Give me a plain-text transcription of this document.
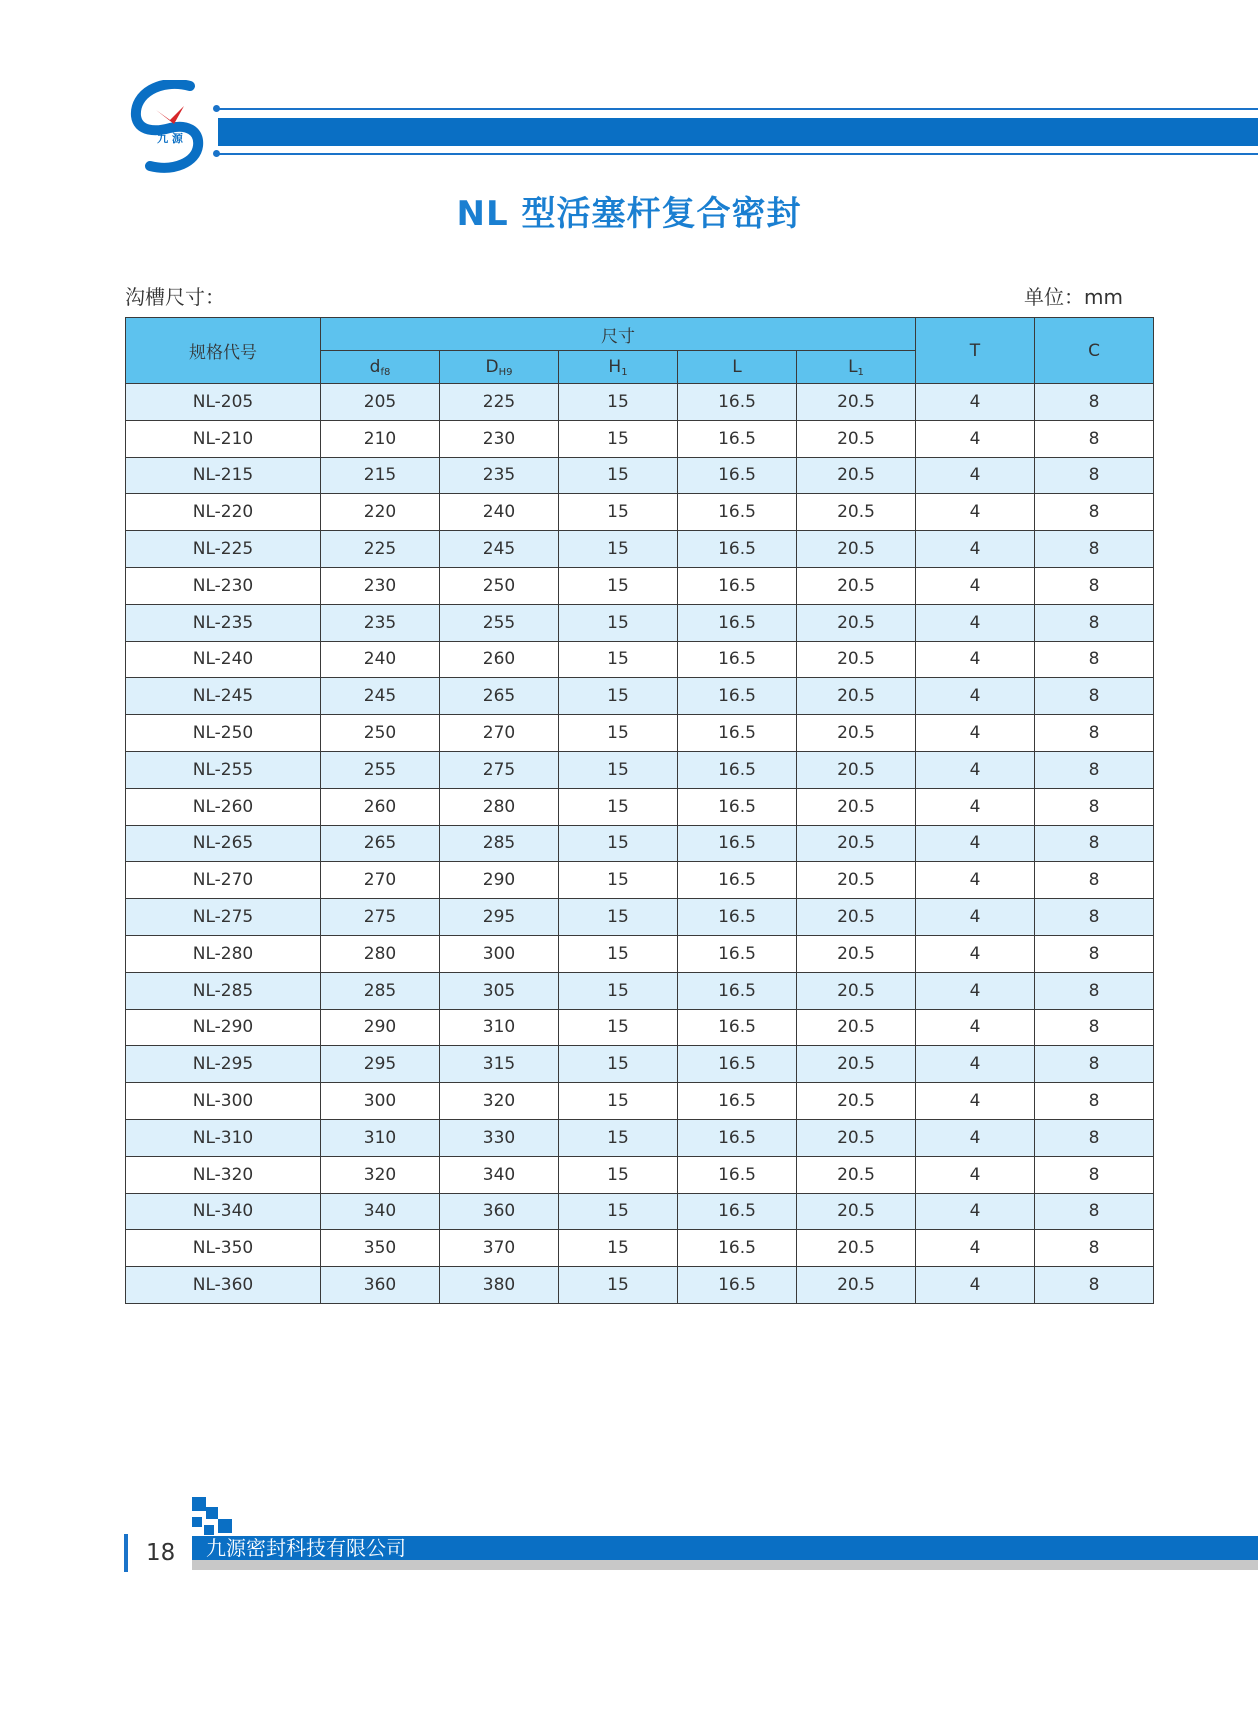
九 源
NL 型活塞杆复合密封
沟槽尺寸：	单位：mm
规格代号	尺寸					T	C
	$d_{f8}$	$D_{H9}$	$H_1$	L	$L_1$
NL-205	205	225	15	16.5	20.5	4	8
NL-210	210	230	15	16.5	20.5	4	8
NL-215	215	235	15	16.5	20.5	4	8
NL-220	220	240	15	16.5	20.5	4	8
NL-225	225	245	15	16.5	20.5	4	8
NL-230	230	250	15	16.5	20.5	4	8
NL-235	235	255	15	16.5	20.5	4	8
NL-240	240	260	15	16.5	20.5	4	8
NL-245	245	265	15	16.5	20.5	4	8
NL-250	250	270	15	16.5	20.5	4	8
NL-255	255	275	15	16.5	20.5	4	8
NL-260	260	280	15	16.5	20.5	4	8
NL-265	265	285	15	16.5	20.5	4	8
NL-270	270	290	15	16.5	20.5	4	8
NL-275	275	295	15	16.5	20.5	4	8
NL-280	280	300	15	16.5	20.5	4	8
NL-285	285	305	15	16.5	20.5	4	8
NL-290	290	310	15	16.5	20.5	4	8
NL-295	295	315	15	16.5	20.5	4	8
NL-300	300	320	15	16.5	20.5	4	8
NL-310	310	330	15	16.5	20.5	4	8
NL-320	320	340	15	16.5	20.5	4	8
NL-340	340	360	15	16.5	20.5	4	8
NL-350	350	370	15	16.5	20.5	4	8
NL-360	360	380	15	16.5	20.5	4	8
18 九源密封科技有限公司
